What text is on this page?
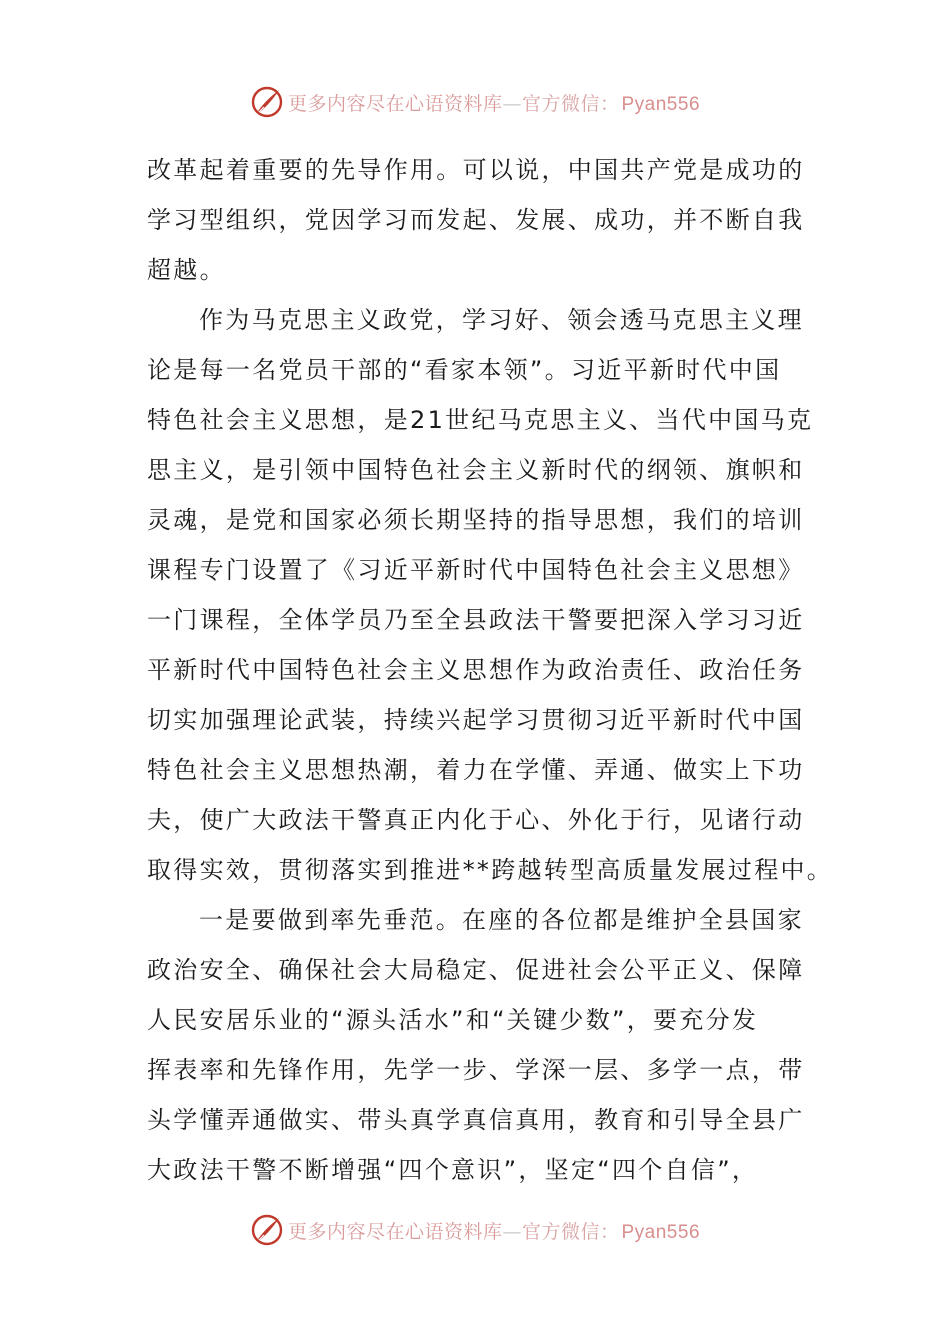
更多内容尽在心语资料库—官方微信： Pyan556
改革起着重要的先导作用。可以说，中国共产党是成功的
学习型组织，党因学习而发起、发展、成功，并不断自我
超越。
作为马克思主义政党，学习好、领会透马克思主义理
论是每一名党员干部的“看家本领”。习近平新时代中国
特色社会主义思想，是21世纪马克思主义、当代中国马克
思主义，是引领中国特色社会主义新时代的纲领、旗帜和
灵魂，是党和国家必须长期坚持的指导思想，我们的培训
课程专门设置了《习近平新时代中国特色社会主义思想》
一门课程，全体学员乃至全县政法干警要把深入学习习近
平新时代中国特色社会主义思想作为政治责任、政治任务
切实加强理论武装，持续兴起学习贯彻习近平新时代中国
特色社会主义思想热潮，着力在学懂、弄通、做实上下功
夫，使广大政法干警真正内化于心、外化于行，见诸行动
取得实效，贯彻落实到推进**跨越转型高质量发展过程中。
一是要做到率先垂范。在座的各位都是维护全县国家
政治安全、确保社会大局稳定、促进社会公平正义、保障
人民安居乐业的“源头活水”和“关键少数”，要充分发
挥表率和先锋作用，先学一步、学深一层、多学一点，带
头学懂弄通做实、带头真学真信真用，教育和引导全县广
大政法干警不断增强“四个意识”，坚定“四个自信”，
更多内容尽在心语资料库—官方微信： Pyan556
